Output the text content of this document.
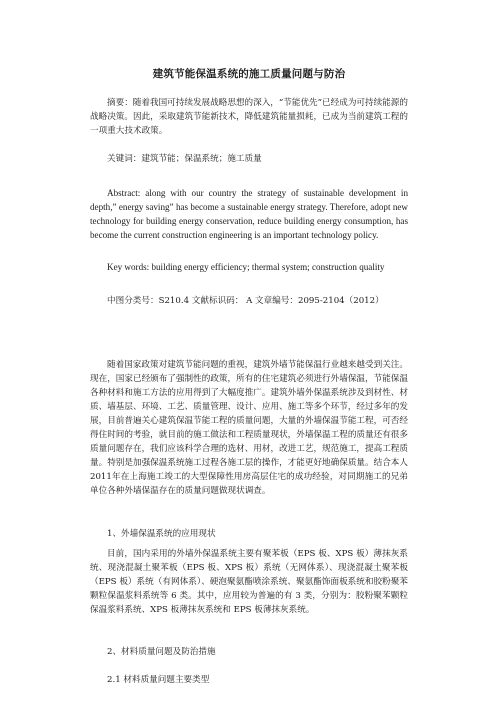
建筑节能保温系统的施工质量问题与防治

摘要：随着我国可持续发展战略思想的深入，“节能优先”已经成为可持续能源的战略决策。因此，采取建筑节能新技术，降低建筑能量损耗，已成为当前建筑工程的一项重大技术政策。

关键词：建筑节能；保温系统；施工质量

Abstract: along with our country the strategy of sustainable development in depth,” energy saving” has become a sustainable energy strategy. Therefore, adopt new technology for building energy conservation, reduce building energy consumption, has become the current construction engineering is an important technology policy.

Key words: building energy efficiency; thermal system; construction quality

中图分类号：S210.4 文献标识码： A 文章编号：2095-2104（2012）

随着国家政策对建筑节能问题的重视，建筑外墙节能保温行业越来越受到关注。现在，国家已经颁布了强制性的政策，所有的住宅建筑必须进行外墙保温，节能保温各种材料和施工方法的应用得到了大幅度推广。建筑外墙外保温系统涉及到材性、材质、墙基层、环境、工艺、质量管理、设计、应用、施工等多个环节，经过多年的发展，目前普遍关心建筑保温节能工程的质量问题，大量的外墙保温节能工程，可否经得住时间的考验，就目前的施工做法和工程质量现状，外墙保温工程的质量还有很多质量问题存在，我们应该科学合理的选材、用材，改进工艺，规范施工，提高工程质量。特别是加强保温系统施工过程各施工层的操作，才能更好地确保质量。结合本人2011年在上海施工竣工的大型保障性用房高层住宅的成功经验，对同期施工的兄弟单位各种外墙保温存在的质量问题做现状调查。

1、外墙保温系统的应用现状

目前，国内采用的外墙外保温系统主要有聚苯板（EPS 板、XPS 板）薄抹灰系统、现浇混凝土聚苯板（EPS 板、XPS 板）系统（无网体系）、现浇混凝土聚苯板（EPS 板）系统（有网体系）、硬泡聚氨酯喷涂系统、聚氨酯饰面板系统和胶粉聚苯颗粒保温浆料系统等 6 类。其中，应用较为普遍的有 3 类，分别为：胶粉聚苯颗粒保温浆料系统、XPS 板薄抹灰系统和 EPS 板薄抹灰系统。

2、材料质量问题及防治措施

2.1 材料质量问题主要类型
